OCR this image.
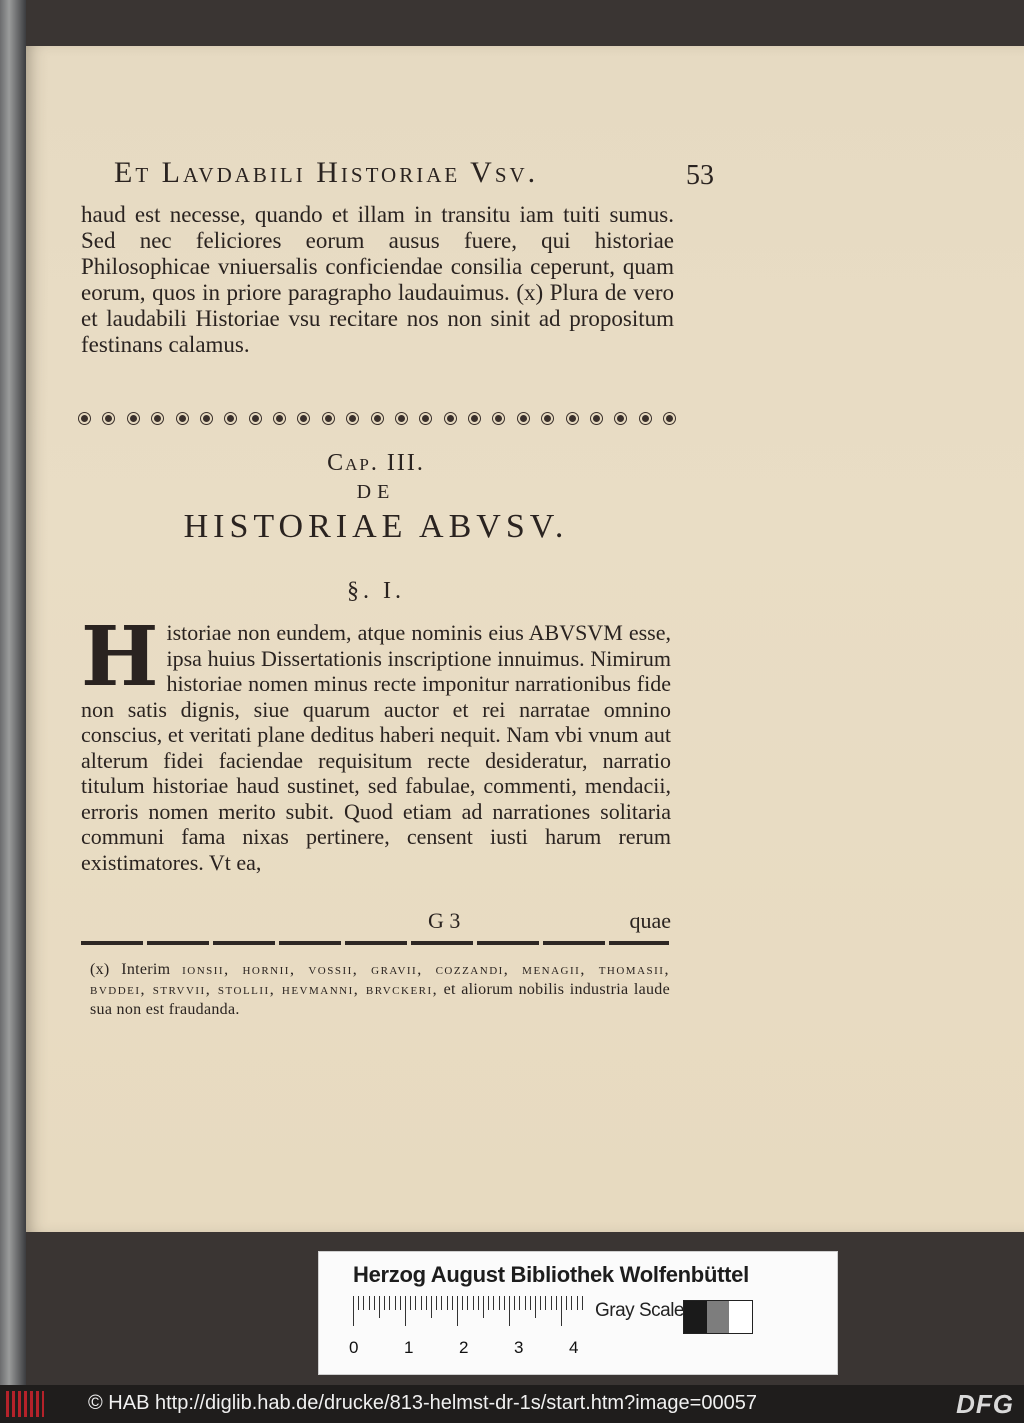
Et Lavdabili Historiae Vsv.	53

haud est necesse, quando et illam in transitu iam tuiti sumus. Sed nec feliciores eorum ausus fuere, qui historiae Philosophicae vniuersalis conficiendae consilia ceperunt, quam eorum, quos in priore paragrapho laudauimus. (x) Plura de vero et laudabili Historiae vsu recitare nos non sinit ad propositum festinans calamus.

Cap. III.
DE
HISTORIAE ABVSV.
§. I.
H istoriae non eundem, atque nominis eius ABVSVM esse, ipsa huius Dissertationis inscriptione innuimus. Nimirum historiae nomen minus recte imponitur narrationibus fide non satis dignis, siue quarum auctor et rei narratae omnino conscius, et veritati plane deditus haberi nequit. Nam vbi vnum aut alterum fidei faciendae requisitum recte desideratur, narratio titulum historiae haud sustinet, sed fabulae, commenti, mendacii, erroris nomen merito subit. Quod etiam ad narrationes solitaria communi fama nixas pertinere, censent iusti harum rerum existimatores. Vt ea,

G 3	quae

(x) Interim ionsii, hornii, vossii, gravii, cozzandi, menagii, thomasii, bvddei, strvvii, stollii, hevmanni, brvckeri, et aliorum nobilis industria laude sua non est fraudanda.

Herzog August Bibliothek Wolfenbüttel
0	1	2	3	4
Gray Scale
© HAB http://diglib.hab.de/drucke/813-helmst-dr-1s/start.htm?image=00057	DFG
